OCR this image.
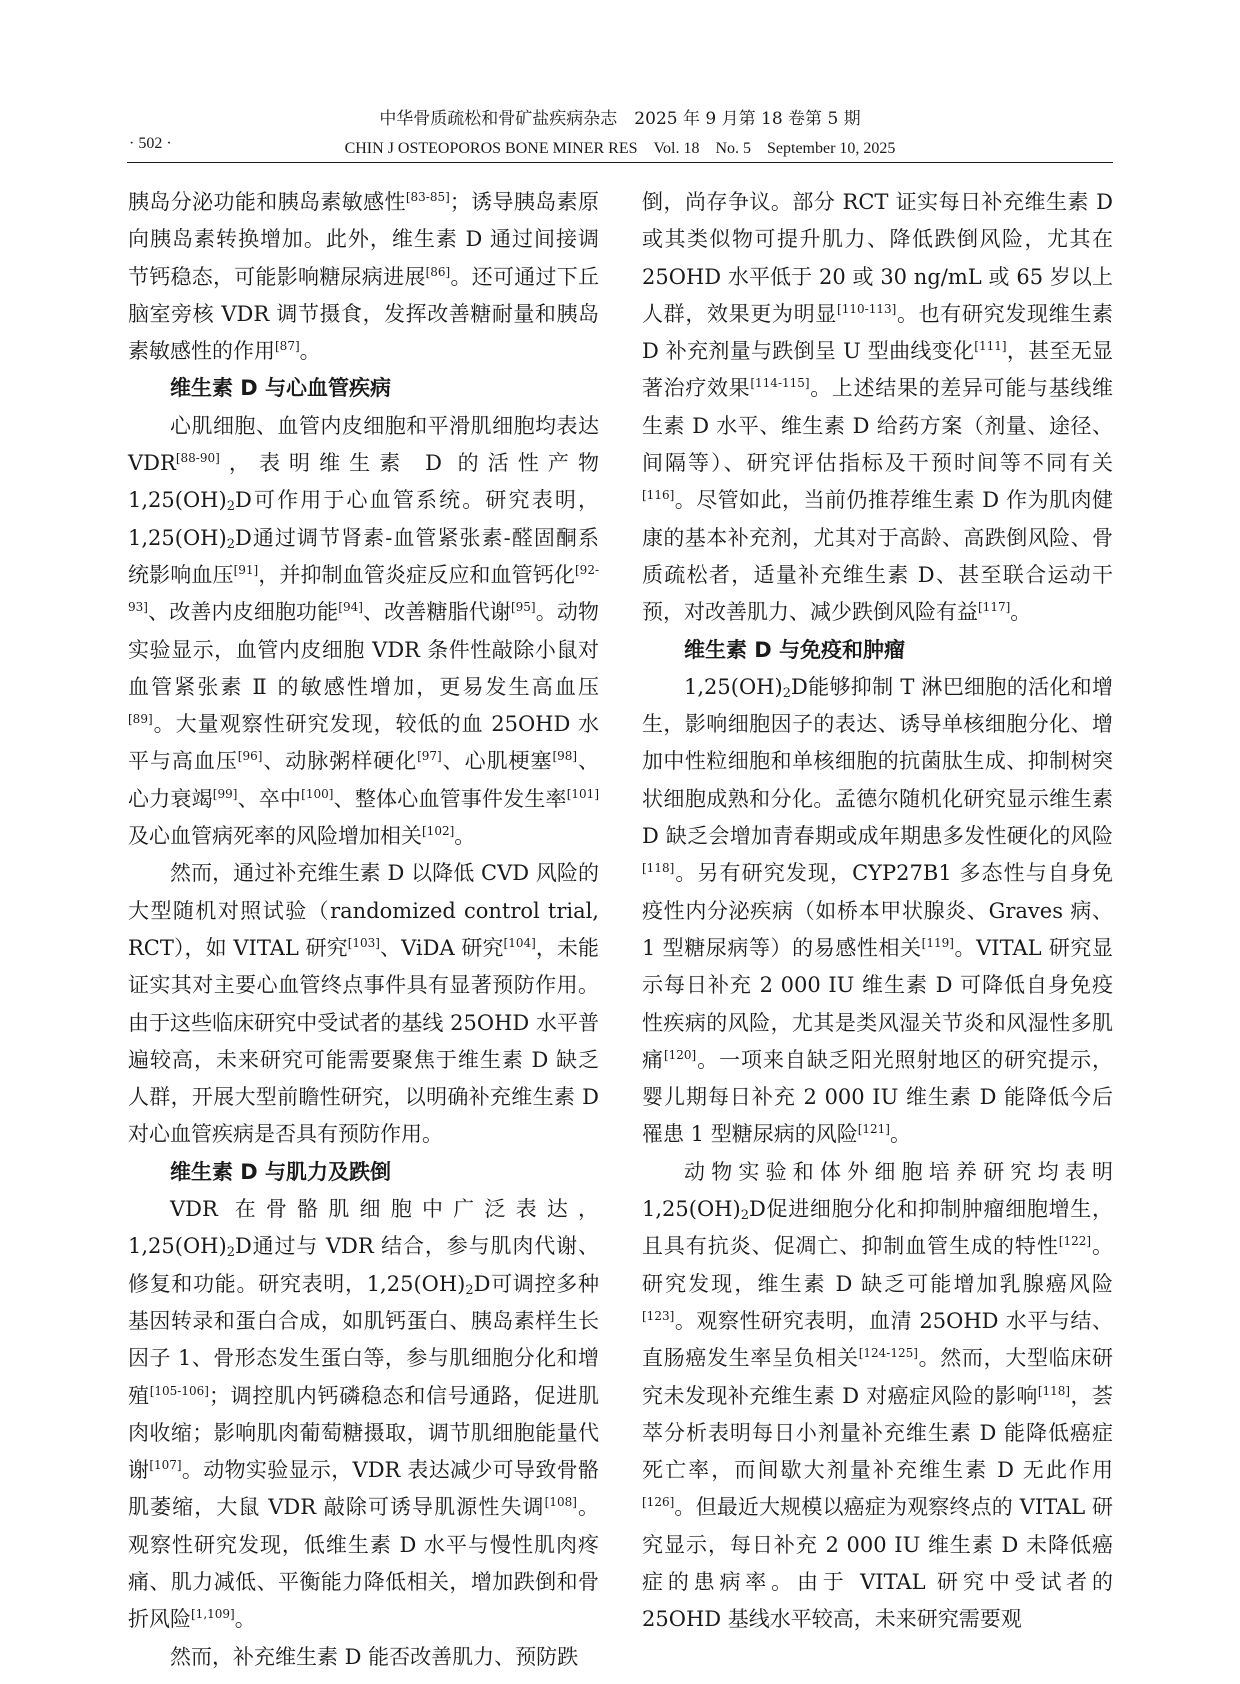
中华骨质疏松和骨矿盐疾病杂志　2025 年 9 月第 18 卷第 5 期
· 502 ·	CHIN J OSTEOPOROS BONE MINER RES　Vol. 18　No. 5　September 10, 2025

胰岛分泌功能和胰岛素敏感性[83-85]；诱导胰岛素原向胰岛素转换增加。此外，维生素 D 通过间接调节钙稳态，可能影响糖尿病进展[86]。还可通过下丘脑室旁核 VDR 调节摄食，发挥改善糖耐量和胰岛素敏感性的作用[87]。

维生素 D 与心血管疾病

心肌细胞、血管内皮细胞和平滑肌细胞均表达 VDR[88-90]，表明维生素 D 的活性产物$1,25(OH)_2D$可作用于心血管系统。研究表明，$1,25(OH)_2D$通过调节肾素-血管紧张素-醛固酮系统影响血压[91]，并抑制血管炎症反应和血管钙化[92-93]、改善内皮细胞功能[94]、改善糖脂代谢[95]。动物实验显示，血管内皮细胞 VDR 条件性敲除小鼠对血管紧张素 Ⅱ 的敏感性增加，更易发生高血压[89]。大量观察性研究发现，较低的血 25OHD 水平与高血压[96]、动脉粥样硬化[97]、心肌梗塞[98]、心力衰竭[99]、卒中[100]、整体心血管事件发生率[101]及心血管病死率的风险增加相关[102]。

然而，通过补充维生素 D 以降低 CVD 风险的大型随机对照试验（randomized control trial, RCT），如 VITAL 研究[103]、ViDA 研究[104]，未能证实其对主要心血管终点事件具有显著预防作用。由于这些临床研究中受试者的基线 25OHD 水平普遍较高，未来研究可能需要聚焦于维生素 D 缺乏人群，开展大型前瞻性研究，以明确补充维生素 D 对心血管疾病是否具有预防作用。

维生素 D 与肌力及跌倒

VDR 在骨骼肌细胞中广泛表达，$1,25(OH)_2D$通过与 VDR 结合，参与肌肉代谢、修复和功能。研究表明，$1,25(OH)_2D$可调控多种基因转录和蛋白合成，如肌钙蛋白、胰岛素样生长因子 1、骨形态发生蛋白等，参与肌细胞分化和增殖[105-106]；调控肌内钙磷稳态和信号通路，促进肌肉收缩；影响肌肉葡萄糖摄取，调节肌细胞能量代谢[107]。动物实验显示，VDR 表达减少可导致骨骼肌萎缩，大鼠 VDR 敲除可诱导肌源性失调[108]。观察性研究发现，低维生素 D 水平与慢性肌肉疼痛、肌力减低、平衡能力降低相关，增加跌倒和骨折风险[1,109]。

然而，补充维生素 D 能否改善肌力、预防跌

倒，尚存争议。部分 RCT 证实每日补充维生素 D 或其类似物可提升肌力、降低跌倒风险，尤其在 25OHD 水平低于 20 或 30 ng/mL 或 65 岁以上人群，效果更为明显[110-113]。也有研究发现维生素 D 补充剂量与跌倒呈 U 型曲线变化[111]，甚至无显著治疗效果[114-115]。上述结果的差异可能与基线维生素 D 水平、维生素 D 给药方案（剂量、途径、间隔等）、研究评估指标及干预时间等不同有关[116]。尽管如此，当前仍推荐维生素 D 作为肌肉健康的基本补充剂，尤其对于高龄、高跌倒风险、骨质疏松者，适量补充维生素 D、甚至联合运动干预，对改善肌力、减少跌倒风险有益[117]。

维生素 D 与免疫和肿瘤

$1,25(OH)_2D$能够抑制 T 淋巴细胞的活化和增生，影响细胞因子的表达、诱导单核细胞分化、增加中性粒细胞和单核细胞的抗菌肽生成、抑制树突状细胞成熟和分化。孟德尔随机化研究显示维生素 D 缺乏会增加青春期或成年期患多发性硬化的风险[118]。另有研究发现，CYP27B1 多态性与自身免疫性内分泌疾病（如桥本甲状腺炎、Graves 病、1 型糖尿病等）的易感性相关[119]。VITAL 研究显示每日补充 2 000 IU 维生素 D 可降低自身免疫性疾病的风险，尤其是类风湿关节炎和风湿性多肌痛[120]。一项来自缺乏阳光照射地区的研究提示，婴儿期每日补充 2 000 IU 维生素 D 能降低今后罹患 1 型糖尿病的风险[121]。

动物实验和体外细胞培养研究均表明 $1,25(OH)_2D$促进细胞分化和抑制肿瘤细胞增生，且具有抗炎、促凋亡、抑制血管生成的特性[122]。研究发现，维生素 D 缺乏可能增加乳腺癌风险[123]。观察性研究表明，血清 25OHD 水平与结、直肠癌发生率呈负相关[124-125]。然而，大型临床研究未发现补充维生素 D 对癌症风险的影响[118]，荟萃分析表明每日小剂量补充维生素 D 能降低癌症死亡率，而间歇大剂量补充维生素 D 无此作用[126]。但最近大规模以癌症为观察终点的 VITAL 研究显示，每日补充 2 000 IU 维生素 D 未降低癌症的患病率。由于 VITAL 研究中受试者的 25OHD 基线水平较高，未来研究需要观
